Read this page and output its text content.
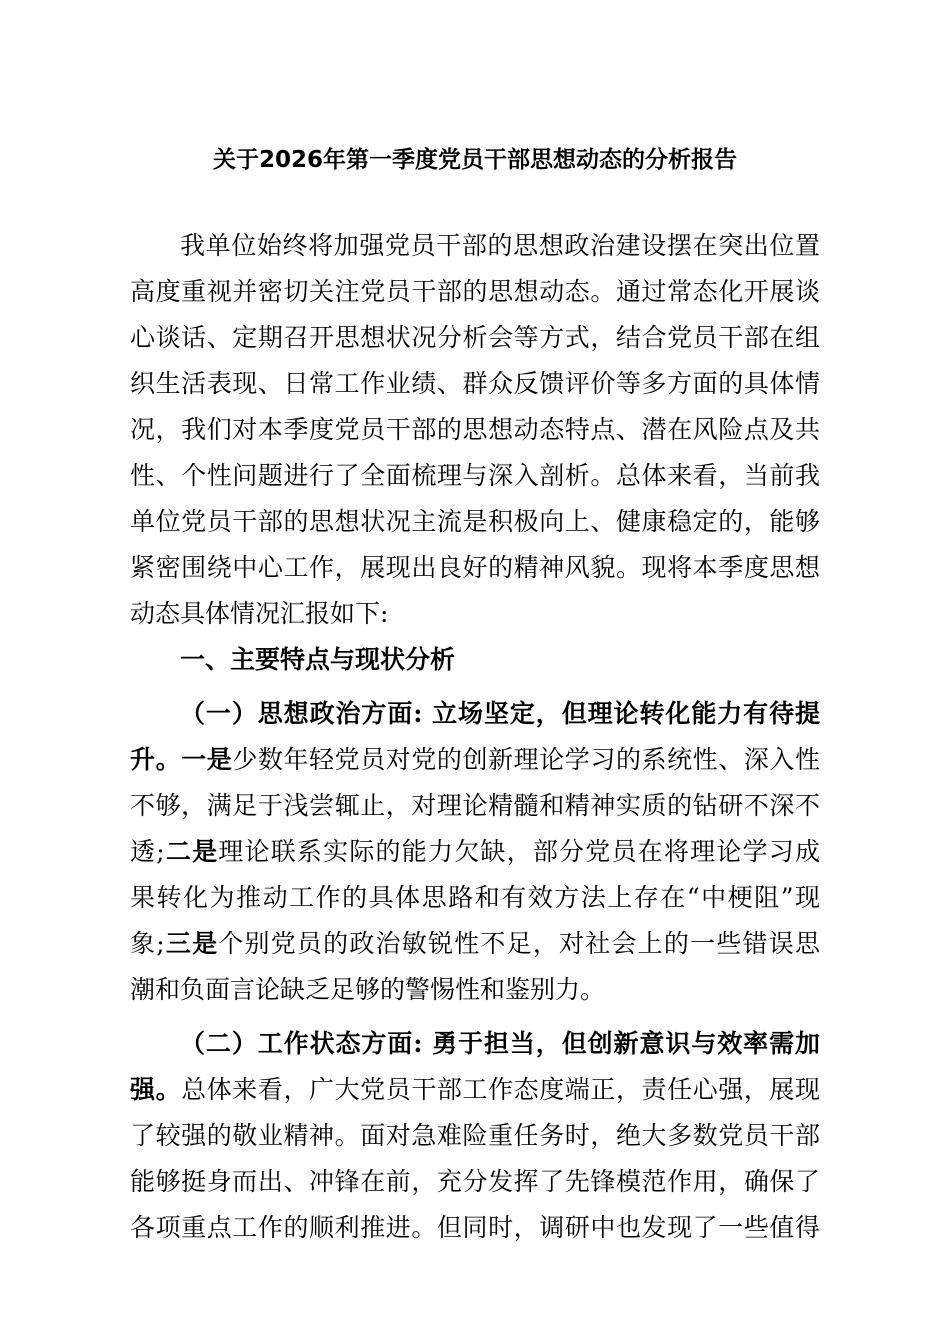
关于2026年第一季度党员干部思想动态的分析报告
我单位始终将加强党员干部的思想政治建设摆在突出位置
高度重视并密切关注党员干部的思想动态。通过常态化开展谈
心谈话、定期召开思想状况分析会等方式，结合党员干部在组
织生活表现、日常工作业绩、群众反馈评价等多方面的具体情
况，我们对本季度党员干部的思想动态特点、潜在风险点及共
性、个性问题进行了全面梳理与深入剖析。总体来看，当前我
单位党员干部的思想状况主流是积极向上、健康稳定的，能够
紧密围绕中心工作，展现出良好的精神风貌。现将本季度思想
动态具体情况汇报如下:
一、主要特点与现状分析
（一）思想政治方面: 立场坚定，但理论转化能力有待提
升。一是少数年轻党员对党的创新理论学习的系统性、深入性
不够，满足于浅尝辄止，对理论精髓和精神实质的钻研不深不
透;二是理论联系实际的能力欠缺，部分党员在将理论学习成
果转化为推动工作的具体思路和有效方法上存在“中梗阻”现
象;三是个别党员的政治敏锐性不足，对社会上的一些错误思
潮和负面言论缺乏足够的警惕性和鉴别力。
（二）工作状态方面: 勇于担当，但创新意识与效率需加
强。总体来看，广大党员干部工作态度端正，责任心强，展现
了较强的敬业精神。面对急难险重任务时，绝大多数党员干部
能够挺身而出、冲锋在前，充分发挥了先锋模范作用，确保了
各项重点工作的顺利推进。但同时，调研中也发现了一些值得
